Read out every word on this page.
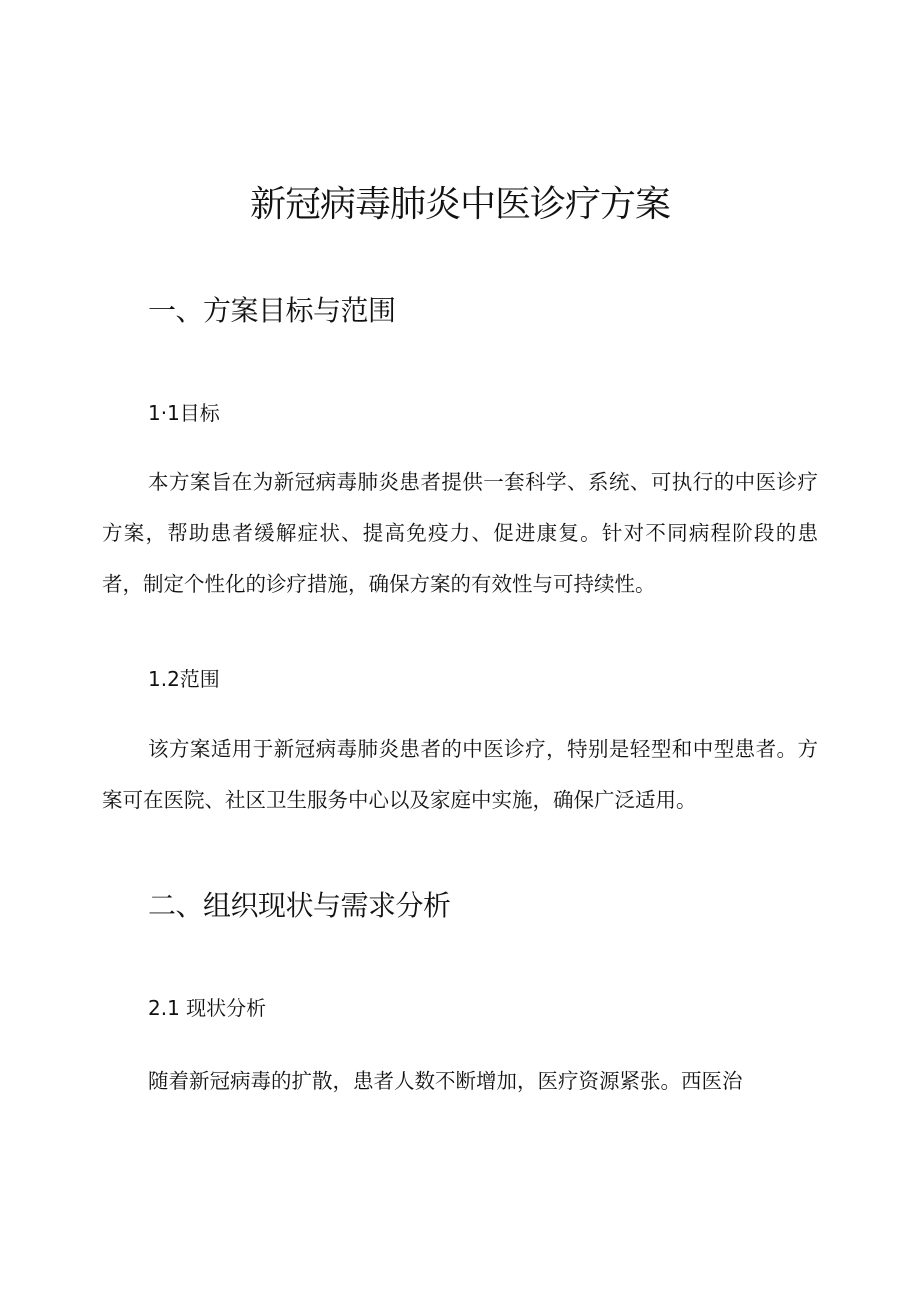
新冠病毒肺炎中医诊疗方案
一、方案目标与范围
1·1目标

本方案旨在为新冠病毒肺炎患者提供一套科学、系统、可执行的中医诊疗方案，帮助患者缓解症状、提高免疫力、促进康复。针对不同病程阶段的患者，制定个性化的诊疗措施，确保方案的有效性与可持续性。

1.2范围

该方案适用于新冠病毒肺炎患者的中医诊疗，特别是轻型和中型患者。方案可在医院、社区卫生服务中心以及家庭中实施，确保广泛适用。

二、组织现状与需求分析
2.1 现状分析

随着新冠病毒的扩散，患者人数不断增加，医疗资源紧张。西医治
